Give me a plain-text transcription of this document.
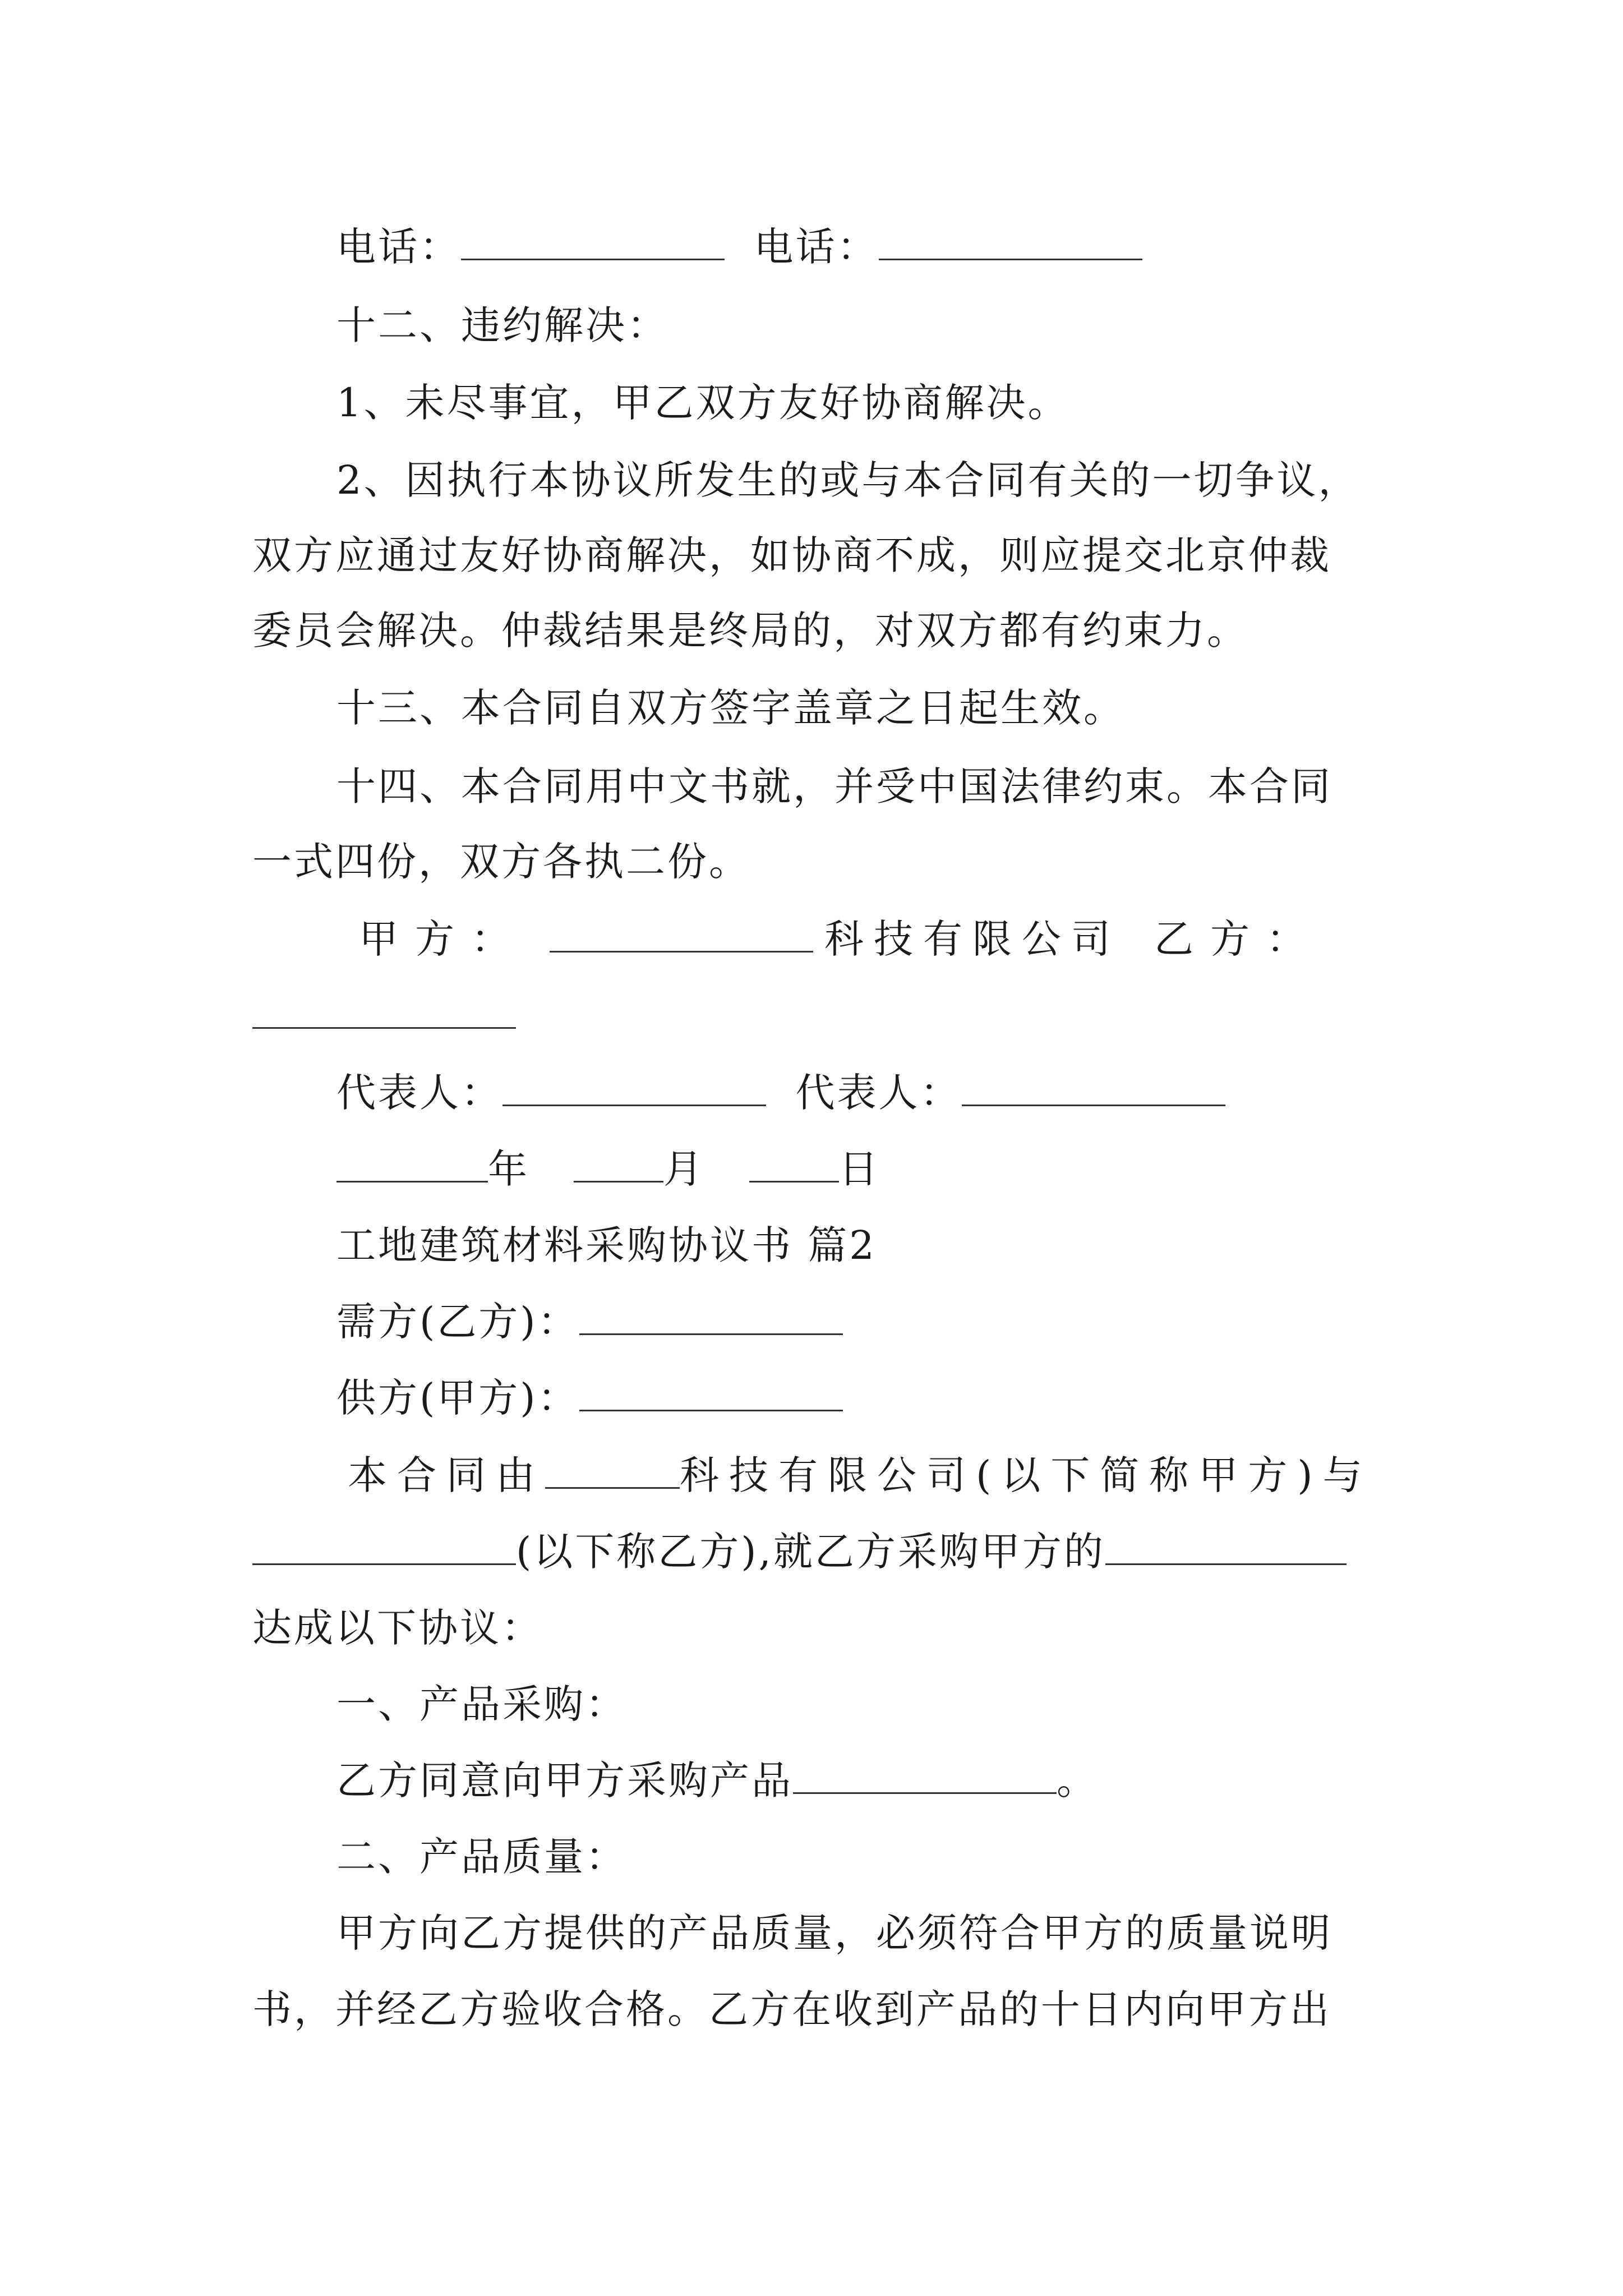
电话：	电话：
十二、违约解决：
1、未尽事宜，甲乙双方友好协商解决。
2、因执行本协议所发生的或与本合同有关的一切争议，
双方应通过友好协商解决，如协商不成，则应提交北京仲裁
委员会解决。仲裁结果是终局的，对双方都有约束力。
十三、本合同自双方签字盖章之日起生效。
十四、本合同用中文书就，并受中国法律约束。本合同
一式四份，双方各执二份。
甲方：	科技有限公司 乙方：
代表人：	代表人：
年	月	日
工地建筑材料采购协议书 篇2
需方(乙方)：
供方(甲方)：
本合同由	科技有限公司(以下简称甲方)与
(以下称乙方),就乙方采购甲方的
达成以下协议：
一、产品采购：
乙方同意向甲方采购产品	。
二、产品质量：
甲方向乙方提供的产品质量，必须符合甲方的质量说明
书，并经乙方验收合格。乙方在收到产品的十日内向甲方出
